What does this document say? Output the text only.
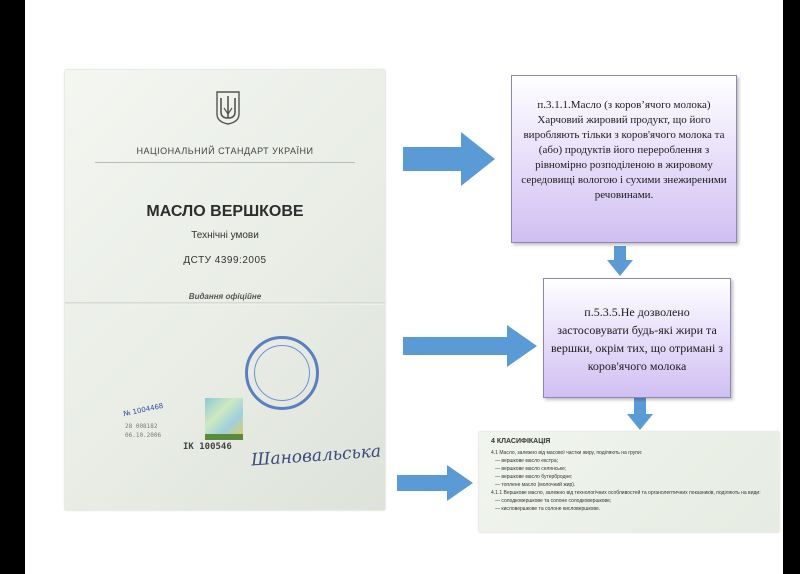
НАЦІОНАЛЬНИЙ СТАНДАРТ УКРАЇНИ
МАСЛО ВЕРШКОВЕ
Технічні умови
ДСТУ 4399:2005
Видання офіційне
№ 1004468
28 008182
06.10.2006
ІК 100546 Шановальська
п.3.1.1.Масло (з коров’ячого молока) Харчовий жировий продукт, що його виробляють тільки з коров'ячого молока та (або) продуктів його перероблення з рівномірно розподіленою в жировому середовищі вологою і сухими знежиреними речовинами.
п.5.3.5.Не дозволено застосовувати будь-які жири та вершки, окрім тих, що отримані з коров'ячого молока
4 КЛАСИФІКАЦІЯ
4.1 Масло, залежно від масової частки жиру, поділяють на групи:
— вершкове масло екстра;
— вершкове масло селянське;
— вершкове масло бутербродне;
— топлене масло (молочний жир).
4.1.1 Вершкове масло, залежно від технологічних особливостей та органолептичних показників, поділяють на види:
— солодковершкове та солоне солодковершкове;
— кисловершкове та солоне кисловершкове.
